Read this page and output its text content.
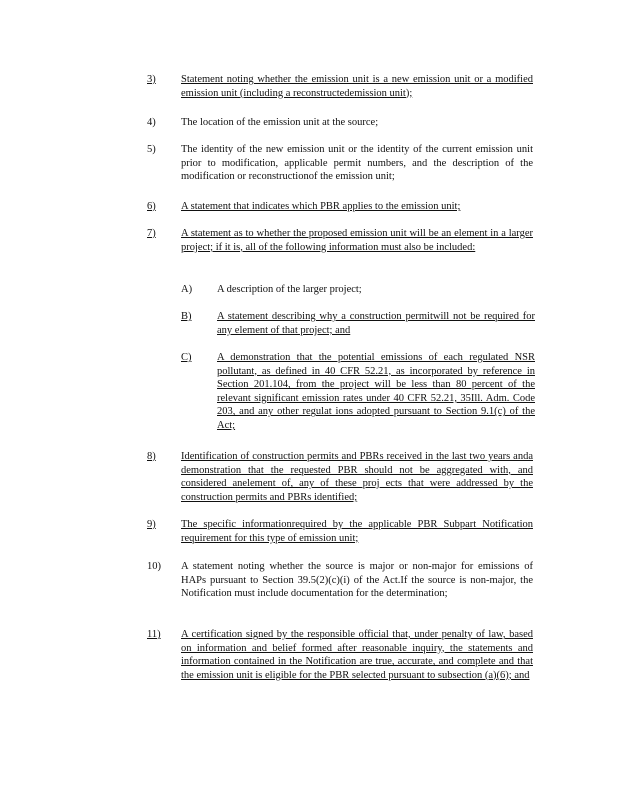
3)	Statement noting whether the emission unit is a new emission unit or a modified emission unit (including a reconstructedemission unit);
4)	The location of the emission unit at the source;
5)	The identity of the new emission unit or the identity of the current emission unit prior to modification, applicable permit numbers, and the description of the modification or reconstructionof the emission unit;
6)	A statement that indicates which PBR applies to the emission unit;
7)	A statement as to whether the proposed emission unit will be an element in a larger project; if it is, all of the following information must also be included:
A)	A description of the larger project;
B)	A statement describing why a construction permitwill not be required for any element of that project; and
C)	A demonstration that the potential emissions of each regulated NSR pollutant, as defined in 40 CFR 52.21, as incorporated by reference in Section 201.104, from the project will be less than 80 percent of the relevant significant emission rates under 40 CFR 52.21, 35Ill. Adm. Code 203, and any other regulat ions adopted pursuant to Section 9.1(c) of the Act;
8)	Identification of construction permits and PBRs received in the last two years anda demonstration that the requested PBR should not be aggregated with, and considered anelement of, any of these proj ects that were addressed by the construction permits and PBRs identified;
9)	The specific informationrequired by the applicable PBR Subpart Notification requirement for this type of emission unit;
10)	A statement noting whether the source is major or non-major for emissions of HAPs pursuant to Section 39.5(2)(c)(i) of the Act.If the source is non-major, the Notification must include documentation for the determination;
11)	A certification signed by the responsible official that, under penalty of law, based on information and belief formed after reasonable inquiry, the statements and information contained in the Notification are true, accurate, and complete and that the emission unit is eligible for the PBR selected pursuant to subsection (a)(6); and
